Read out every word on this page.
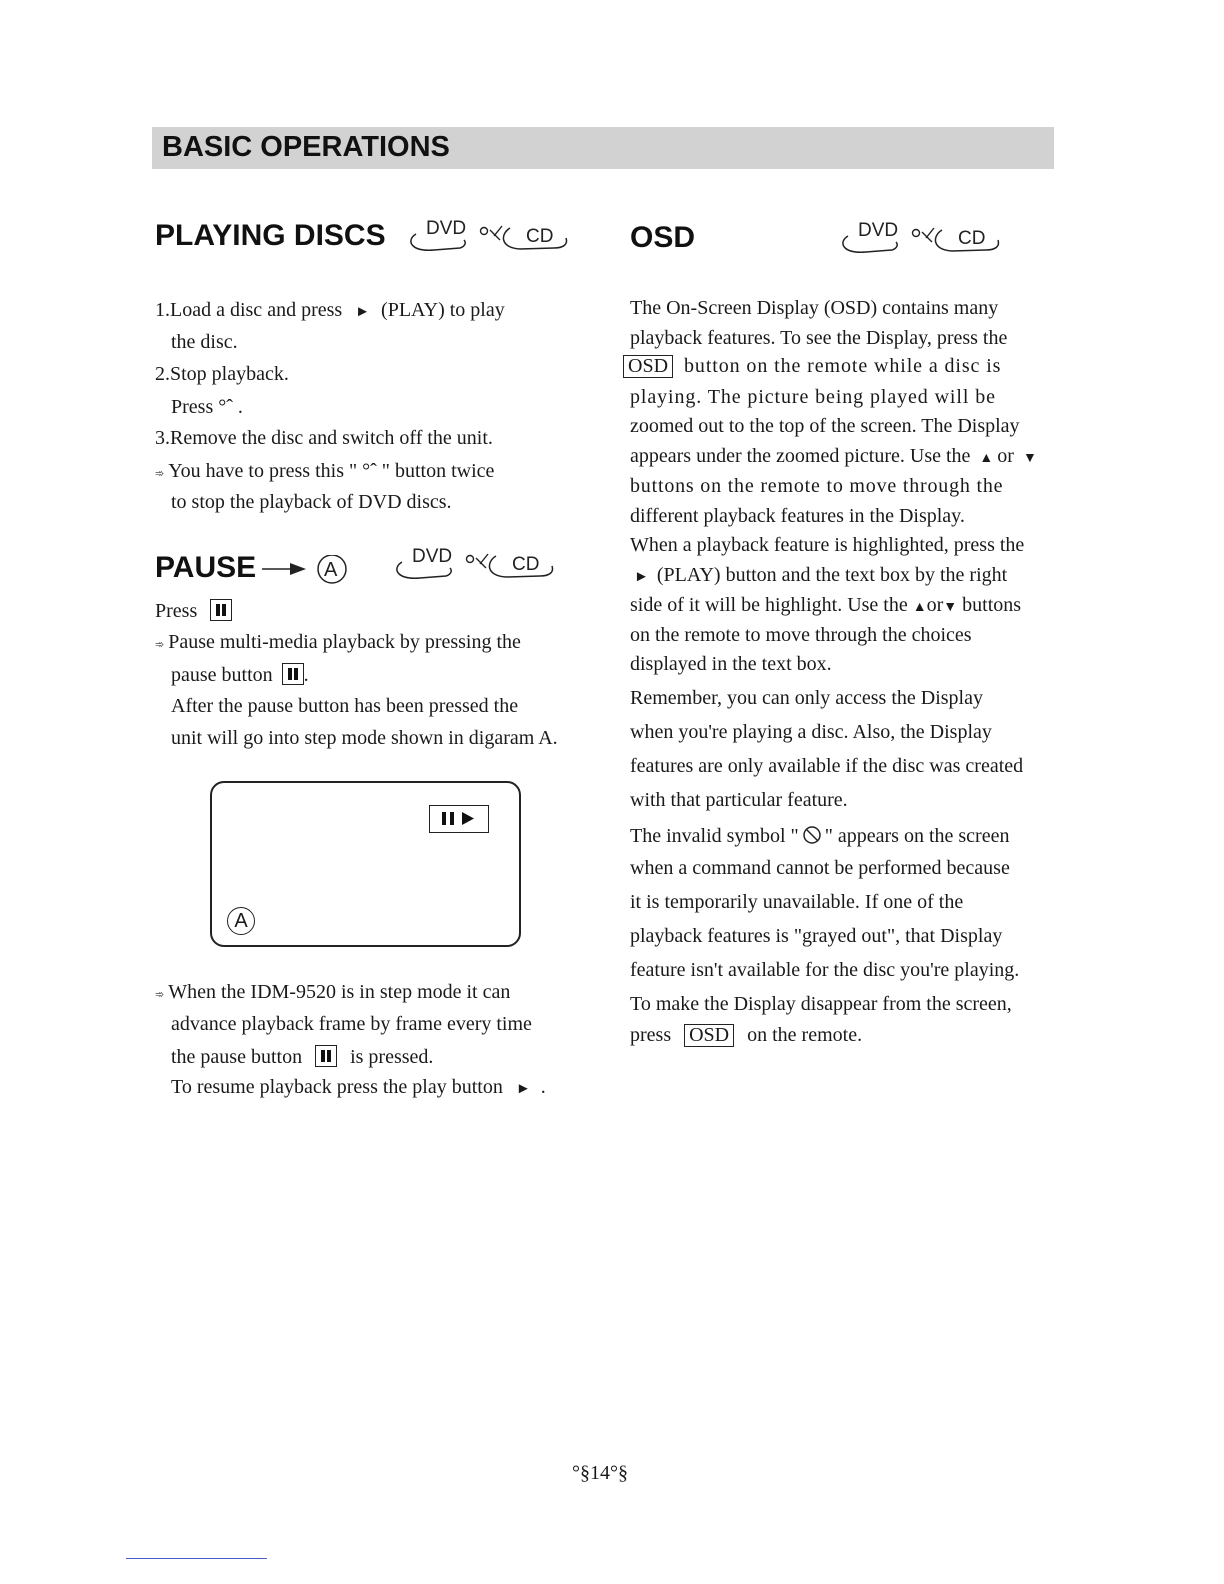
BASIC OPERATIONS
PLAYING DISCS DVD	CD
1.Load a disc and press ► (PLAY) to play
the disc.
2.Stop playback.
Press °ˆ .
3.Remove the disc and switch off the unit.
➾ You have to press this " °ˆ " button twice
to stop the playback of DVD discs.
PAUSE	A
DVD	CD
Press
➾ Pause multi-media playback by pressing the
pause button .
After the pause button has been pressed the
unit will go into step mode shown in digaram A.
A
➾ When the IDM-9520 is in step mode it can
advance playback frame by frame every time
the pause button is pressed.
To resume playback press the play button ► .
OSD	DVD	CD
The On-Screen Display (OSD) contains many
playback features. To see the Display, press the
OSD button on the remote while a disc is
playing. The picture being played will be
zoomed out to the top of the screen. The Display
appears under the zoomed picture. Use the ▲ or ▼
buttons on the remote to move through the
different playback features in the Display.
When a playback feature is highlighted, press the
► (PLAY) button and the text box by the right
side of it will be highlight. Use the ▲or▼ buttons
on the remote to move through the choices
displayed in the text box.
Remember, you can only access the Display
when you're playing a disc. Also, the Display
features are only available if the disc was created
with that particular feature.
The invalid symbol " " appears on the screen
when a command cannot be performed because
it is temporarily unavailable. If one of the
playback features is "grayed out", that Display
feature isn't available for the disc you're playing.
To make the Display disappear from the screen,
press OSD on the remote.
°§14°§
